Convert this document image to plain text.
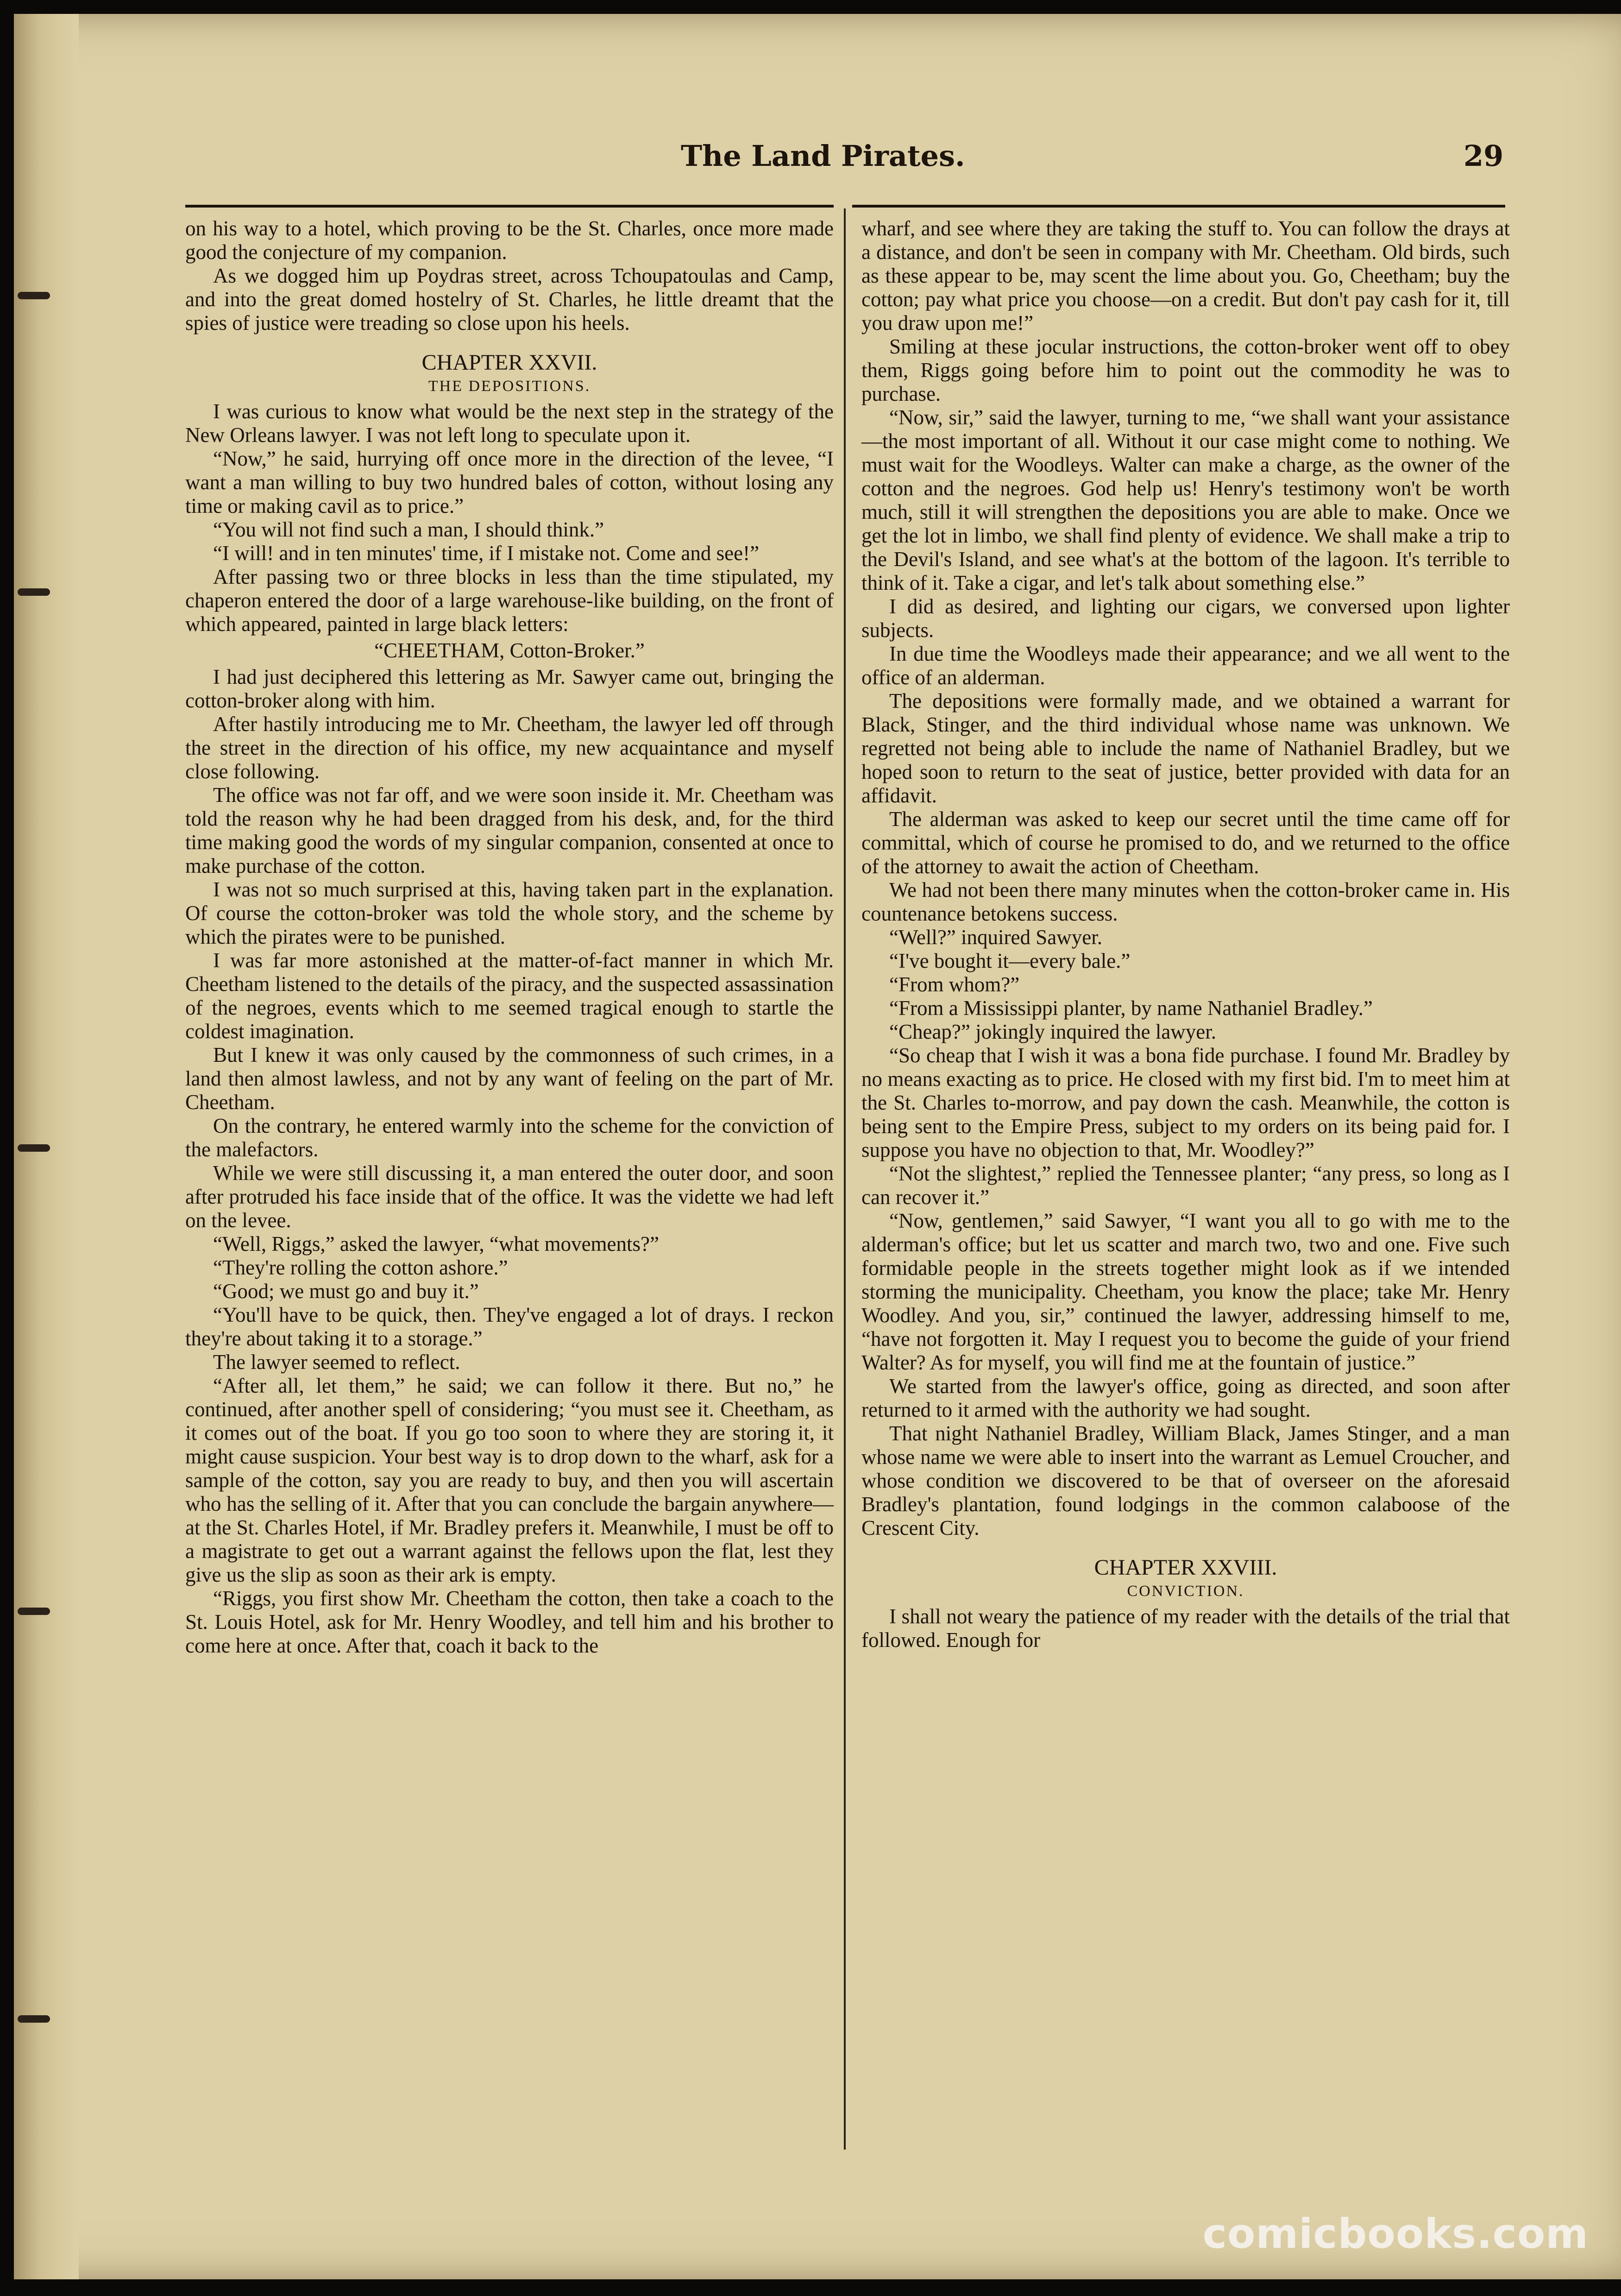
The Land Pirates.	29

on his way to a hotel, which proving to be the St. Charles, once more made good the conjecture of my companion.

As we dogged him up Poydras street, across Tchoupatoulas and Camp, and into the great domed hostelry of St. Charles, he little dreamt that the spies of justice were treading so close upon his heels.

CHAPTER XXVII.
THE DEPOSITIONS.

I was curious to know what would be the next step in the strategy of the New Orleans lawyer. I was not left long to speculate upon it.

“Now,” he said, hurrying off once more in the direction of the levee, “I want a man willing to buy two hundred bales of cotton, without losing any time or making cavil as to price.”

“You will not find such a man, I should think.”

“I will! and in ten minutes' time, if I mistake not. Come and see!”

After passing two or three blocks in less than the time stipulated, my chaperon entered the door of a large warehouse-like building, on the front of which appeared, painted in large black letters:

“CHEETHAM, Cotton-Broker.”

I had just deciphered this lettering as Mr. Sawyer came out, bringing the cotton-broker along with him.

After hastily introducing me to Mr. Cheetham, the lawyer led off through the street in the direction of his office, my new acquaintance and myself close following.

The office was not far off, and we were soon inside it. Mr. Cheetham was told the reason why he had been dragged from his desk, and, for the third time making good the words of my singular companion, consented at once to make purchase of the cotton.

I was not so much surprised at this, having taken part in the explanation. Of course the cotton-broker was told the whole story, and the scheme by which the pirates were to be punished.

I was far more astonished at the matter-of-fact manner in which Mr. Cheetham listened to the details of the piracy, and the suspected assassination of the negroes, events which to me seemed tragical enough to startle the coldest imagination.

But I knew it was only caused by the commonness of such crimes, in a land then almost lawless, and not by any want of feeling on the part of Mr. Cheetham.

On the contrary, he entered warmly into the scheme for the conviction of the malefactors.

While we were still discussing it, a man entered the outer door, and soon after protruded his face inside that of the office. It was the vidette we had left on the levee.

“Well, Riggs,” asked the lawyer, “what movements?”

“They're rolling the cotton ashore.”

“Good; we must go and buy it.”

“You'll have to be quick, then. They've engaged a lot of drays. I reckon they're about taking it to a storage.”

The lawyer seemed to reflect.

“After all, let them,” he said; we can follow it there. But no,” he continued, after another spell of considering; “you must see it. Cheetham, as it comes out of the boat. If you go too soon to where they are storing it, it might cause suspicion. Your best way is to drop down to the wharf, ask for a sample of the cotton, say you are ready to buy, and then you will ascertain who has the selling of it. After that you can conclude the bargain anywhere—at the St. Charles Hotel, if Mr. Bradley prefers it. Meanwhile, I must be off to a magistrate to get out a warrant against the fellows upon the flat, lest they give us the slip as soon as their ark is empty.

“Riggs, you first show Mr. Cheetham the cotton, then take a coach to the St. Louis Hotel, ask for Mr. Henry Woodley, and tell him and his brother to come here at once. After that, coach it back to the

wharf, and see where they are taking the stuff to. You can follow the drays at a distance, and don't be seen in company with Mr. Cheetham. Old birds, such as these appear to be, may scent the lime about you. Go, Cheetham; buy the cotton; pay what price you choose—on a credit. But don't pay cash for it, till you draw upon me!”

Smiling at these jocular instructions, the cotton-broker went off to obey them, Riggs going before him to point out the commodity he was to purchase.

“Now, sir,” said the lawyer, turning to me, “we shall want your assistance—the most important of all. Without it our case might come to nothing. We must wait for the Woodleys. Walter can make a charge, as the owner of the cotton and the negroes. God help us! Henry's testimony won't be worth much, still it will strengthen the depositions you are able to make. Once we get the lot in limbo, we shall find plenty of evidence. We shall make a trip to the Devil's Island, and see what's at the bottom of the lagoon. It's terrible to think of it. Take a cigar, and let's talk about something else.”

I did as desired, and lighting our cigars, we conversed upon lighter subjects.

In due time the Woodleys made their appearance; and we all went to the office of an alderman.

The depositions were formally made, and we obtained a warrant for Black, Stinger, and the third individual whose name was unknown. We regretted not being able to include the name of Nathaniel Bradley, but we hoped soon to return to the seat of justice, better provided with data for an affidavit.

The alderman was asked to keep our secret until the time came off for committal, which of course he promised to do, and we returned to the office of the attorney to await the action of Cheetham.

We had not been there many minutes when the cotton-broker came in. His countenance betokens success.

“Well?” inquired Sawyer.

“I've bought it—every bale.”

“From whom?”

“From a Mississippi planter, by name Nathaniel Bradley.”

“Cheap?” jokingly inquired the lawyer.

“So cheap that I wish it was a bona fide purchase. I found Mr. Bradley by no means exacting as to price. He closed with my first bid. I'm to meet him at the St. Charles to-morrow, and pay down the cash. Meanwhile, the cotton is being sent to the Empire Press, subject to my orders on its being paid for. I suppose you have no objection to that, Mr. Woodley?”

“Not the slightest,” replied the Tennessee planter; “any press, so long as I can recover it.”

“Now, gentlemen,” said Sawyer, “I want you all to go with me to the alderman's office; but let us scatter and march two, two and one. Five such formidable people in the streets together might look as if we intended storming the municipality. Cheetham, you know the place; take Mr. Henry Woodley. And you, sir,” continued the lawyer, addressing himself to me, “have not forgotten it. May I request you to become the guide of your friend Walter? As for myself, you will find me at the fountain of justice.”

We started from the lawyer's office, going as directed, and soon after returned to it armed with the authority we had sought.

That night Nathaniel Bradley, William Black, James Stinger, and a man whose name we were able to insert into the warrant as Lemuel Croucher, and whose condition we discovered to be that of overseer on the aforesaid Bradley's plantation, found lodgings in the common calaboose of the Crescent City.

CHAPTER XXVIII.
CONVICTION.

I shall not weary the patience of my reader with the details of the trial that followed. Enough for

comicbooks.com
